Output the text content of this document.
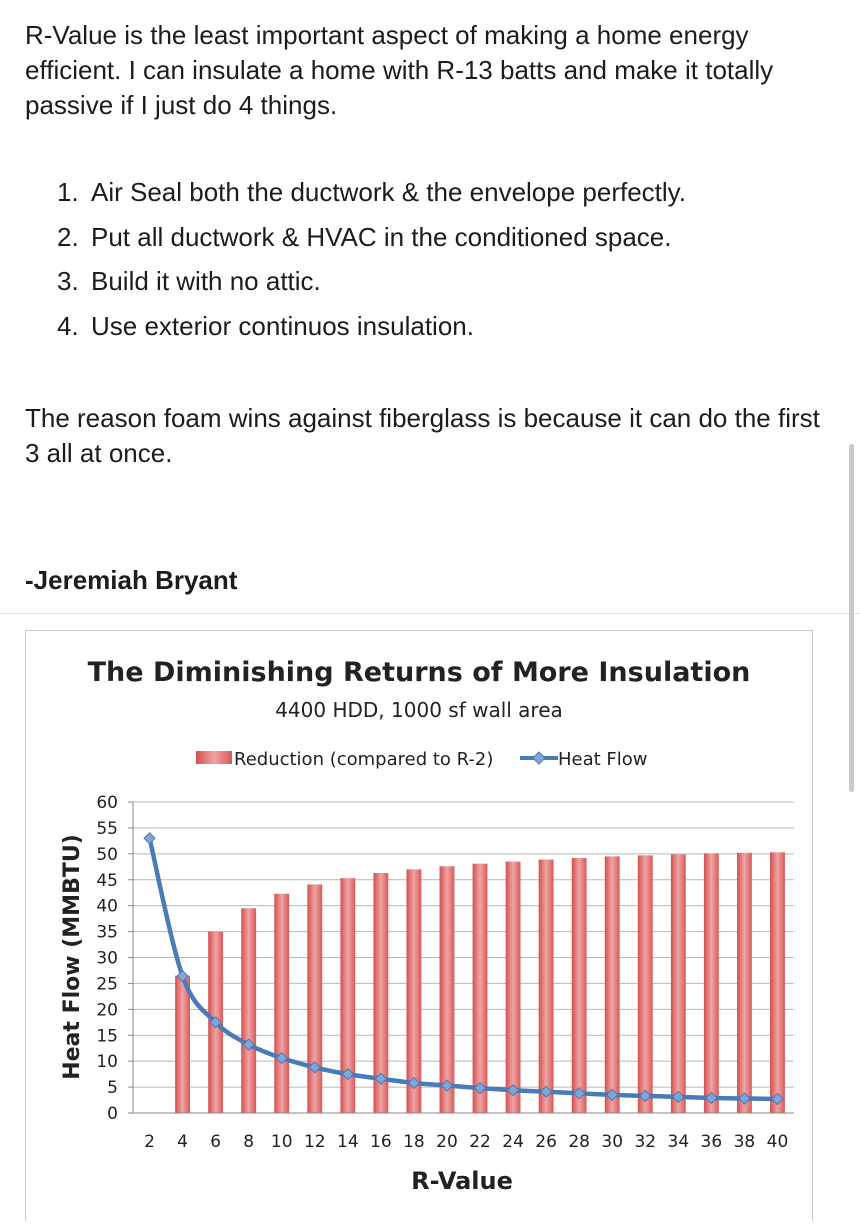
R-Value is the least important aspect of making a home energy efficient. I can insulate a home with R-13 batts and make it totally passive if I just do 4 things.

1. Air Seal both the ductwork & the envelope perfectly.
2. Put all ductwork & HVAC in the conditioned space.
3. Build it with no attic.
4. Use exterior continuos insulation.

The reason foam wins against fiberglass is because it can do the first 3 all at once.

-Jeremiah Bryant
The Diminishing Returns of More Insulation
4400 HDD, 1000 sf wall area
Reduction (compared to R-2)	Heat Flow
0
5
10
15
20
25
30
35
40
45
50
55
60
2 4 6 8 10 12 14 16 18 20 22 24 26 28 30 32 34 36 38 40
Heat Flow (MMBTU)
R-Value
